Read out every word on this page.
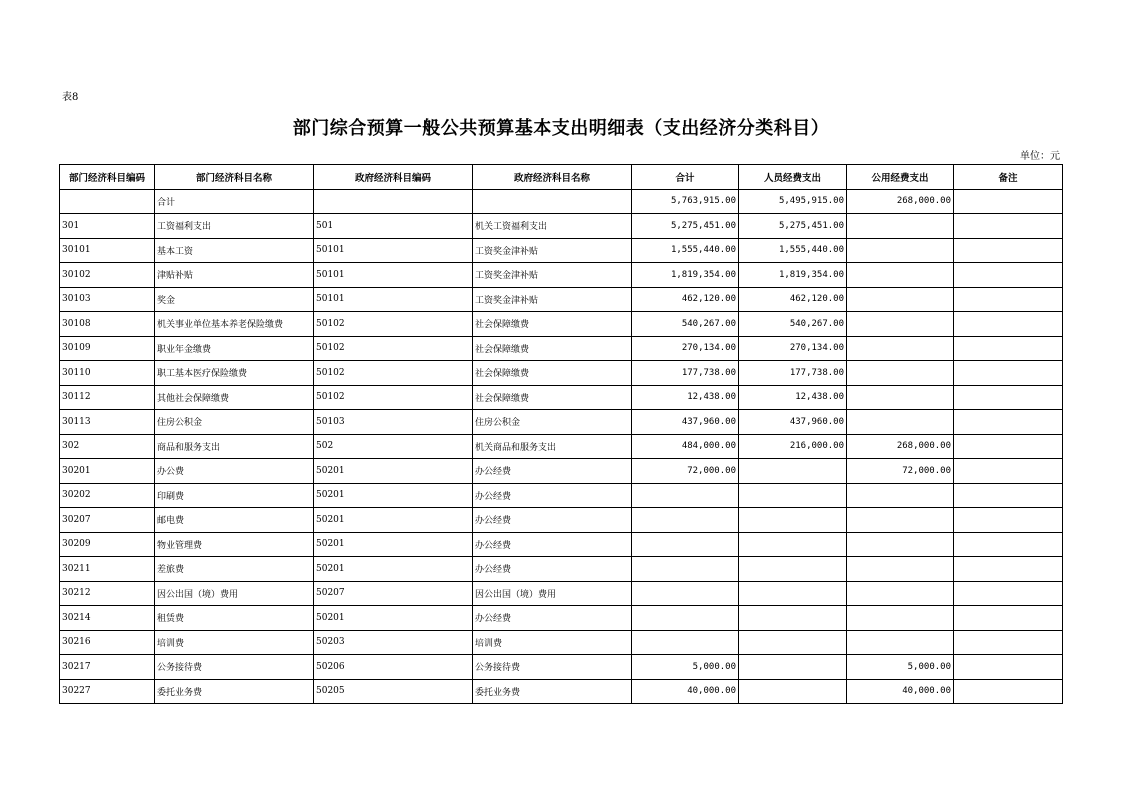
表8
部门综合预算一般公共预算基本支出明细表（支出经济分类科目）
单位：元
部门经济科目编码	部门经济科目名称	政府经济科目编码	政府经济科目名称	合计	人员经费支出	公用经费支出	备注
	合计			5,763,915.00	5,495,915.00	268,000.00	
301	工资福利支出	501	机关工资福利支出	5,275,451.00	5,275,451.00		
30101	基本工资	50101	工资奖金津补贴	1,555,440.00	1,555,440.00		
30102	津贴补贴	50101	工资奖金津补贴	1,819,354.00	1,819,354.00		
30103	奖金	50101	工资奖金津补贴	462,120.00	462,120.00		
30108	机关事业单位基本养老保险缴费	50102	社会保障缴费	540,267.00	540,267.00		
30109	职业年金缴费	50102	社会保障缴费	270,134.00	270,134.00		
30110	职工基本医疗保险缴费	50102	社会保障缴费	177,738.00	177,738.00		
30112	其他社会保障缴费	50102	社会保障缴费	12,438.00	12,438.00		
30113	住房公积金	50103	住房公积金	437,960.00	437,960.00		
302	商品和服务支出	502	机关商品和服务支出	484,000.00	216,000.00	268,000.00	
30201	办公费	50201	办公经费	72,000.00		72,000.00	
30202	印刷费	50201	办公经费				
30207	邮电费	50201	办公经费				
30209	物业管理费	50201	办公经费				
30211	差旅费	50201	办公经费				
30212	因公出国（境）费用	50207	因公出国（境）费用				
30214	租赁费	50201	办公经费				
30216	培训费	50203	培训费				
30217	公务接待费	50206	公务接待费	5,000.00		5,000.00	
30227	委托业务费	50205	委托业务费	40,000.00		40,000.00	
